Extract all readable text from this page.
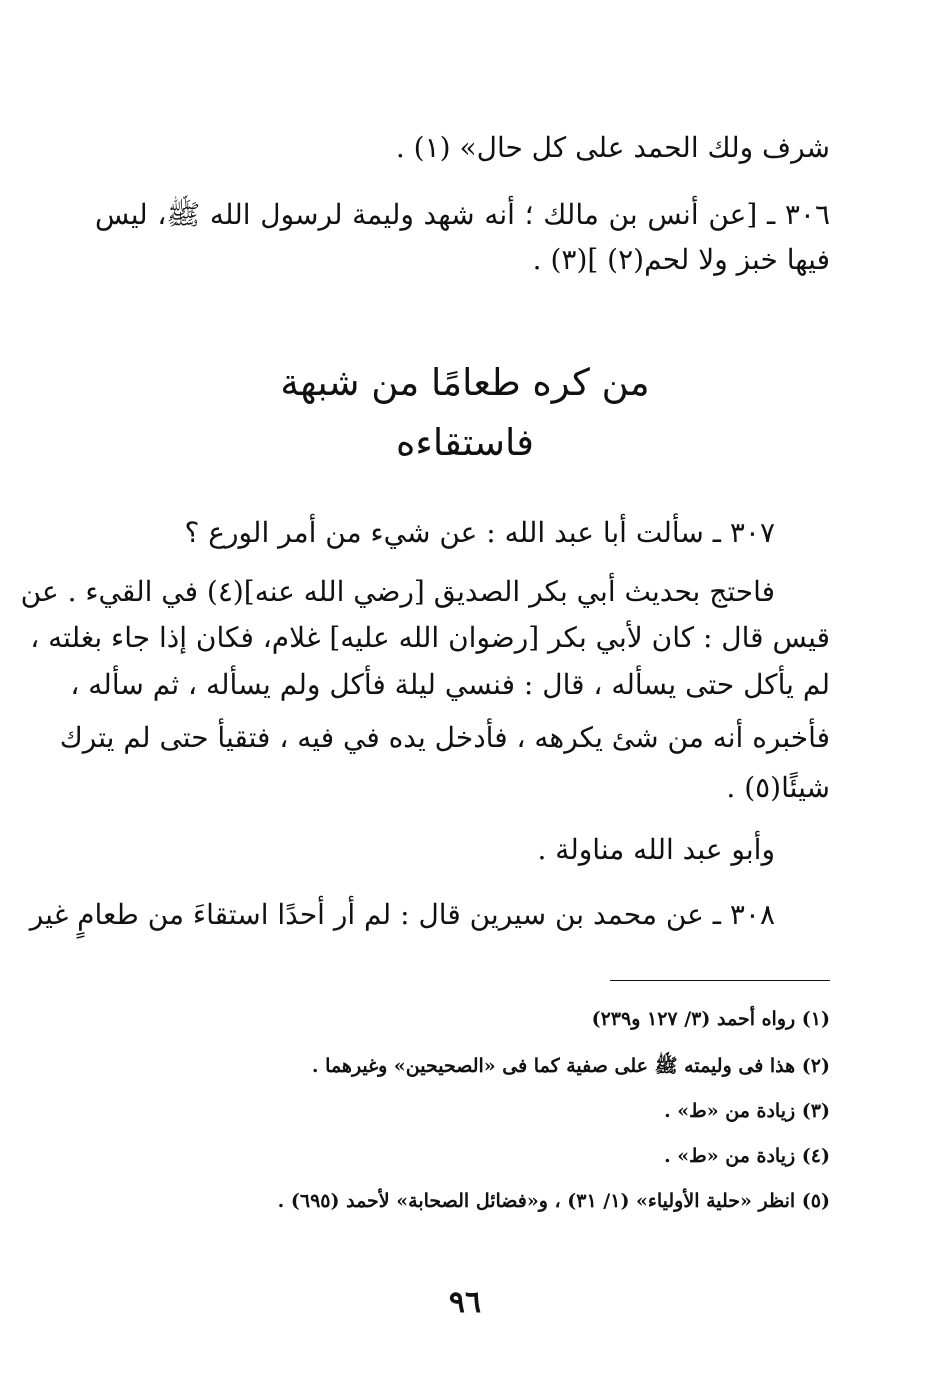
شرف ولك الحمد على كل حال» (١) .
٣٠٦ ـ [عن أنس بن مالك ؛ أنه شهد وليمة لرسول الله ﷺ، ليس
فيها خبز ولا لحم(٢) ](٣) .
من كره طعامًا من شبهة
فاستقاءه
٣٠٧ ـ سألت أبا عبد الله : عن شيء من أمر الورع ؟
فاحتج بحديث أبي بكر الصديق [رضي الله عنه](٤) في القيء . عن
قيس قال : كان لأبي بكر [رضوان الله عليه] غلام، فكان إذا جاء بغلته ،
لم يأكل حتى يسأله ، قال : فنسي ليلة فأكل ولم يسأله ، ثم سأله ،
فأخبره أنه من شئ يكرهه ، فأدخل يده في فيه ، فتقيأ حتى لم يترك
شيئًا(٥) .
وأبو عبد الله مناولة .
٣٠٨ ـ عن محمد بن سيرين قال : لم أر أحدًا استقاءَ من طعامٍ غير
(١) رواه أحمد (٣/ ١٢٧ و٢٣٩)
(٢) هذا فى وليمته ﷺ على صفية كما فى «الصحيحين» وغيرهما .
(٣) زيادة من «ط» .
(٤) زيادة من «ط» .
(٥) انظر «حلية الأولياء» (١/ ٣١) ، و«فضائل الصحابة» لأحمد (٦٩٥) .
٩٦
